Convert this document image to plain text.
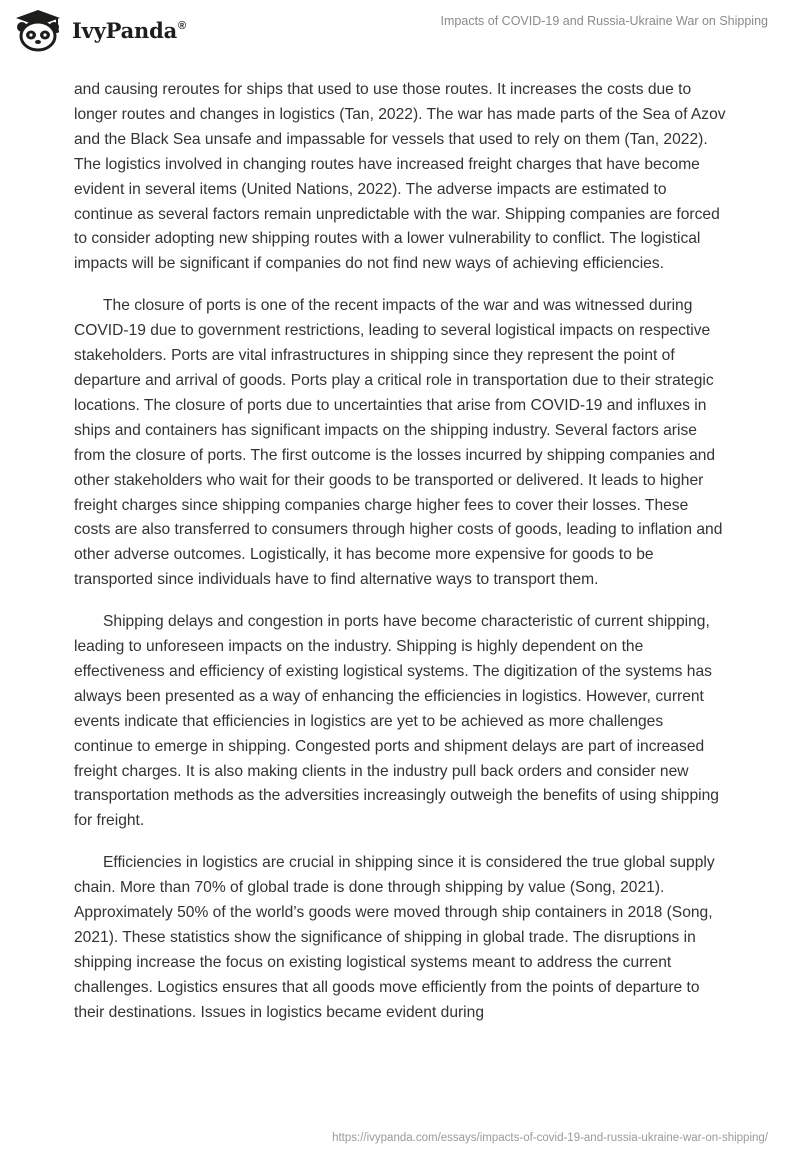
IvyPanda®	Impacts of COVID-19 and Russia-Ukraine War on Shipping

and causing reroutes for ships that used to use those routes. It increases the costs due to longer routes and changes in logistics (Tan, 2022). The war has made parts of the Sea of Azov and the Black Sea unsafe and impassable for vessels that used to rely on them (Tan, 2022). The logistics involved in changing routes have increased freight charges that have become evident in several items (United Nations, 2022). The adverse impacts are estimated to continue as several factors remain unpredictable with the war. Shipping companies are forced to consider adopting new shipping routes with a lower vulnerability to conflict. The logistical impacts will be significant if companies do not find new ways of achieving efficiencies.

The closure of ports is one of the recent impacts of the war and was witnessed during COVID-19 due to government restrictions, leading to several logistical impacts on respective stakeholders. Ports are vital infrastructures in shipping since they represent the point of departure and arrival of goods. Ports play a critical role in transportation due to their strategic locations. The closure of ports due to uncertainties that arise from COVID-19 and influxes in ships and containers has significant impacts on the shipping industry. Several factors arise from the closure of ports. The first outcome is the losses incurred by shipping companies and other stakeholders who wait for their goods to be transported or delivered. It leads to higher freight charges since shipping companies charge higher fees to cover their losses. These costs are also transferred to consumers through higher costs of goods, leading to inflation and other adverse outcomes. Logistically, it has become more expensive for goods to be transported since individuals have to find alternative ways to transport them.

Shipping delays and congestion in ports have become characteristic of current shipping, leading to unforeseen impacts on the industry. Shipping is highly dependent on the effectiveness and efficiency of existing logistical systems. The digitization of the systems has always been presented as a way of enhancing the efficiencies in logistics. However, current events indicate that efficiencies in logistics are yet to be achieved as more challenges continue to emerge in shipping. Congested ports and shipment delays are part of increased freight charges. It is also making clients in the industry pull back orders and consider new transportation methods as the adversities increasingly outweigh the benefits of using shipping for freight.

Efficiencies in logistics are crucial in shipping since it is considered the true global supply chain. More than 70% of global trade is done through shipping by value (Song, 2021). Approximately 50% of the world’s goods were moved through ship containers in 2018 (Song, 2021). These statistics show the significance of shipping in global trade. The disruptions in shipping increase the focus on existing logistical systems meant to address the current challenges. Logistics ensures that all goods move efficiently from the points of departure to their destinations. Issues in logistics became evident during

https://ivypanda.com/essays/impacts-of-covid-19-and-russia-ukraine-war-on-shipping/
